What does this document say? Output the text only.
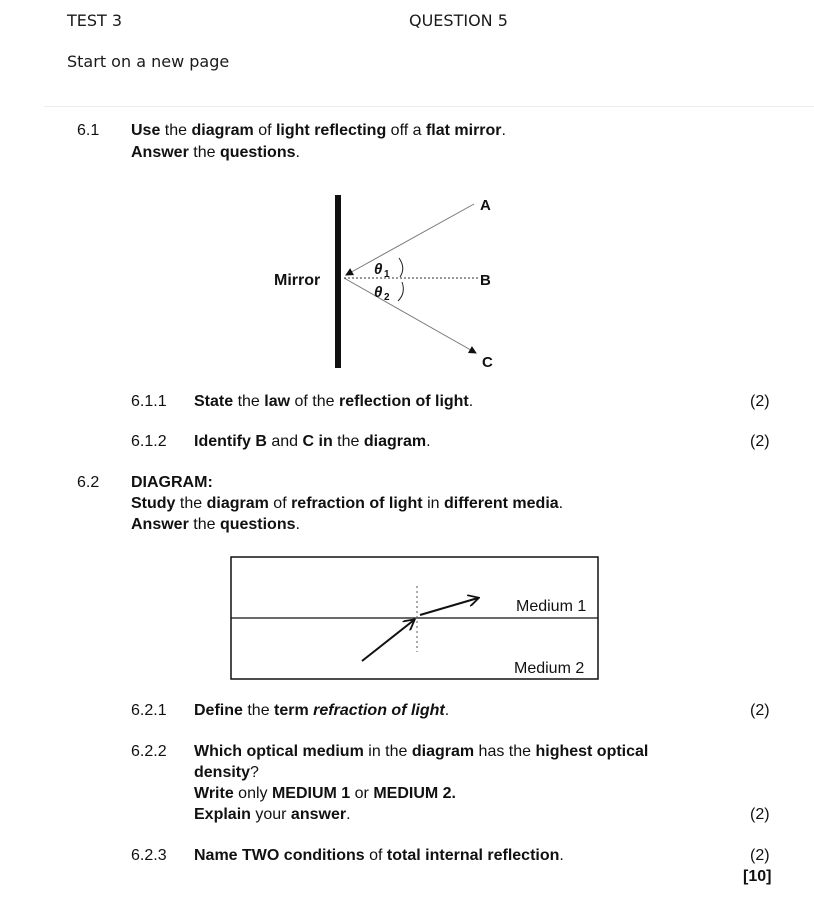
TEST 3	QUESTION 5
Start on a new page
6.1 Use the diagram of light reflecting off a flat mirror.
Answer the questions.
Mirror
A
B
C
θ 1
θ 2
6.1.1 State the law of the reflection of light.	(2)
6.1.2 Identify B and C in the diagram.	(2)
6.2 DIAGRAM:
Study the diagram of refraction of light in different media.
Answer the questions.
Medium 1
Medium 2
6.2.1 Define the term refraction of light.	(2)
6.2.2 Which optical medium in the diagram has the highest optical
density?
Write only MEDIUM 1 or MEDIUM 2.
Explain your answer.	(2)
6.2.3 Name TWO conditions of total internal reflection.	(2)
[10]
